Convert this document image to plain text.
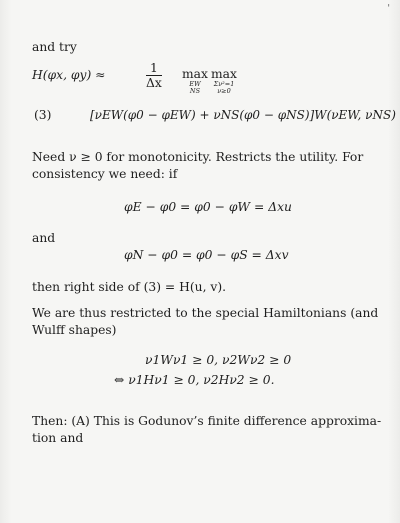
'
and try
H(φx, φy) ≈	$\frac{1}{\Delta x}$ max
EW
NS
max
Σν²=1
ν≥0
(3)	[νEW(φ0 − φEW) + νNS(φ0 − φNS)]W(νEW, νNS)
Need ν ≥ 0 for monotonicity. Restricts the utility. For
consistency we need: if
φE − φ0 = φ0 − φW = Δxu
and
φN − φ0 = φ0 − φS = Δxv
then right side of (3) = H(u, v).
We are thus restricted to the special Hamiltonians (and
Wulff shapes)
ν1Wν1 ≥ 0, ν2Wν2 ≥ 0
⇔ ν1Hν1 ≥ 0, ν2Hν2 ≥ 0.
Then: (A) This is Godunov’s finite difference approxima-
tion and
